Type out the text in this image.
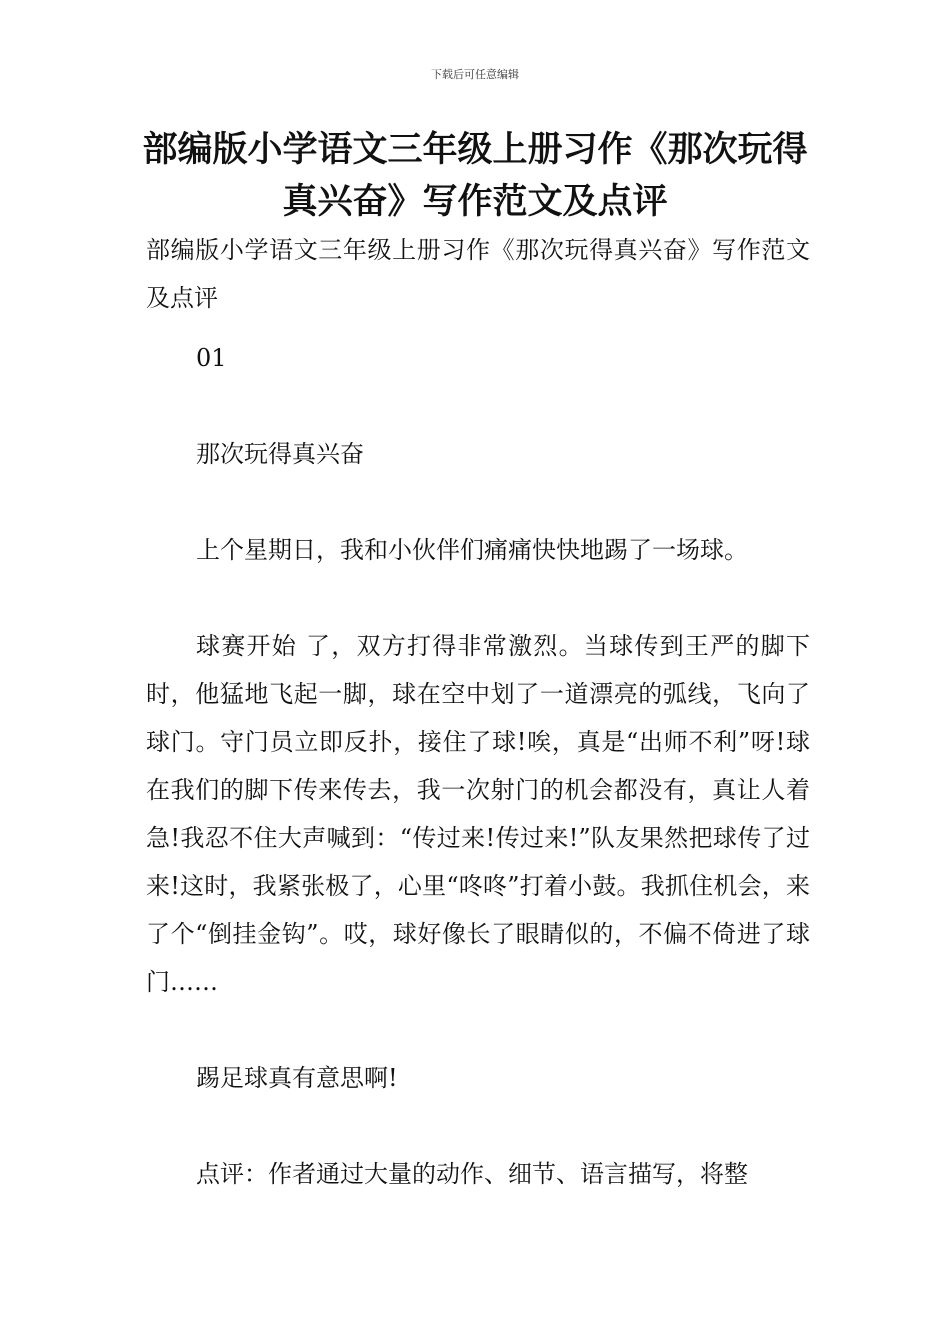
下载后可任意编辑
部编版小学语文三年级上册习作《那次玩得真兴奋》写作范文及点评

部编版小学语文三年级上册习作《那次玩得真兴奋》写作范文及点评

01

那次玩得真兴奋

上个星期日，我和小伙伴们痛痛快快地踢了一场球。

球赛开始 了，双方打得非常激烈。当球传到王严的脚下时，他猛地飞起一脚，球在空中划了一道漂亮的弧线，飞向了球门。守门员立即反扑，接住了球!唉，真是“出师不利”呀!球在我们的脚下传来传去，我一次射门的机会都没有，真让人着急!我忍不住大声喊到：“传过来!传过来!”队友果然把球传了过来!这时，我紧张极了，心里“咚咚”打着小鼓。我抓住机会，来了个“倒挂金钩”。哎，球好像长了眼睛似的，不偏不倚进了球门……

踢足球真有意思啊!

点评：作者通过大量的动作、细节、语言描写，将整
